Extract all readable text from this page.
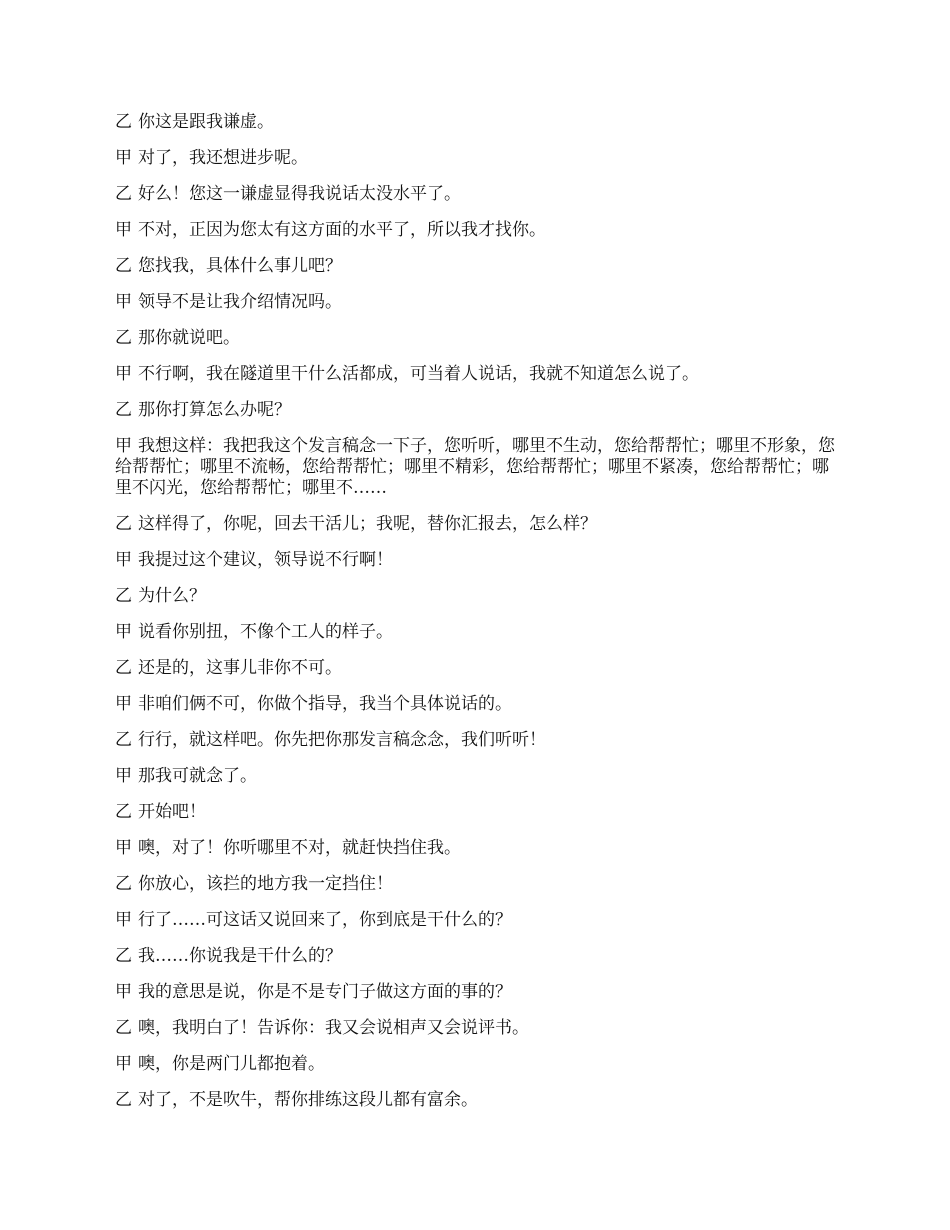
乙 你这是跟我谦虚。

甲 对了，我还想进步呢。

乙 好么！您这一谦虚显得我说话太没水平了。

甲 不对，正因为您太有这方面的水平了，所以我才找你。

乙 您找我，具体什么事儿吧？

甲 领导不是让我介绍情况吗。

乙 那你就说吧。

甲 不行啊，我在隧道里干什么活都成，可当着人说话，我就不知道怎么说了。

乙 那你打算怎么办呢？

甲 我想这样：我把我这个发言稿念一下子，您听听，哪里不生动，您给帮帮忙；哪里不形象，您给帮帮忙；哪里不流畅，您给帮帮忙；哪里不精彩，您给帮帮忙；哪里不紧凑，您给帮帮忙；哪里不闪光，您给帮帮忙；哪里不……

乙 这样得了，你呢，回去干活儿；我呢，替你汇报去，怎么样？

甲 我提过这个建议，领导说不行啊！

乙 为什么？

甲 说看你别扭，不像个工人的样子。

乙 还是的，这事儿非你不可。

甲 非咱们俩不可，你做个指导，我当个具体说话的。

乙 行行，就这样吧。你先把你那发言稿念念，我们听听！

甲 那我可就念了。

乙 开始吧！

甲 噢，对了！你听哪里不对，就赶快挡住我。

乙 你放心，该拦的地方我一定挡住！

甲 行了……可这话又说回来了，你到底是干什么的？

乙 我……你说我是干什么的？

甲 我的意思是说，你是不是专门子做这方面的事的？

乙 噢，我明白了！告诉你：我又会说相声又会说评书。

甲 噢，你是两门儿都抱着。

乙 对了，不是吹牛，帮你排练这段儿都有富余。
